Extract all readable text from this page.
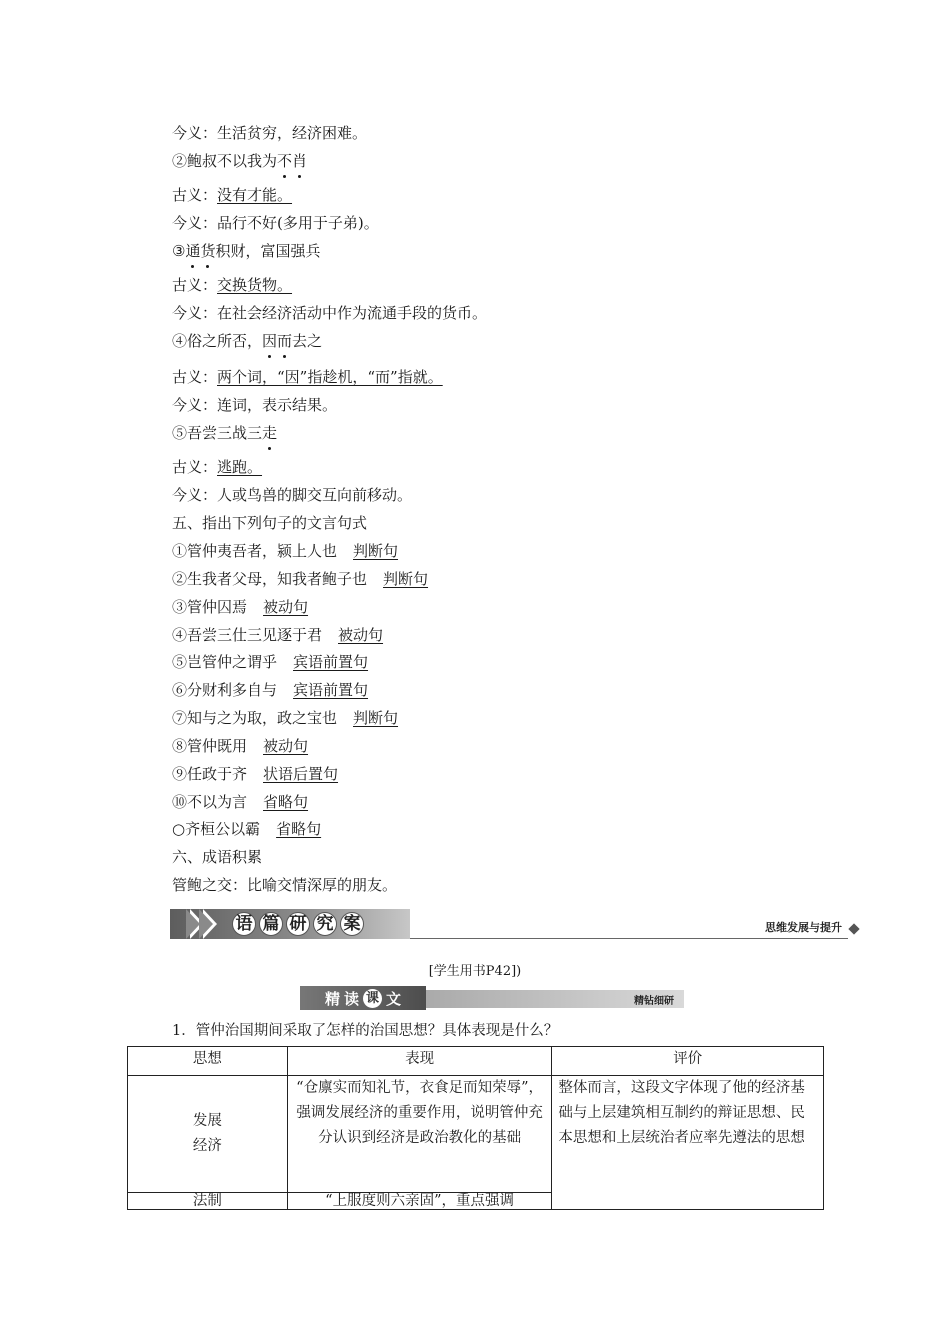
今义：生活贫穷，经济困难。
②鲍叔不以我为不肖
古义：没有才能。
今义：品行不好(多用于子弟)。
③通货积财，富国强兵
古义：交换货物。
今义：在社会经济活动中作为流通手段的货币。
④俗之所否，因而去之
古义：两个词，“因”指趁机，“而”指就。
今义：连词，表示结果。
⑤吾尝三战三走
古义：逃跑。
今义：人或鸟兽的脚交互向前移动。
五、指出下列句子的文言句式
①管仲夷吾者，颍上人也 判断句
②生我者父母，知我者鲍子也 判断句
③管仲囚焉 被动句
④吾尝三仕三见逐于君 被动句
⑤岂管仲之谓乎 宾语前置句
⑥分财利多自与 宾语前置句
⑦知与之为取，政之宝也 判断句
⑧管仲既用 被动句
⑨任政于齐 状语后置句
⑩不以为言 省略句
○齐桓公以霸 省略句
六、成语积累
管鲍之交：比喻交情深厚的朋友。
语 篇 研 究 案	思维发展与提升
[学生用书P42])
精 读 课 文	精钻细研
1．管仲治国期间采取了怎样的治国思想？具体表现是什么？
思想	表现	评价

发展
经济	“仓廪实而知礼节，衣食足而知荣辱”，强调发展经济的重要作用，说明管仲充分认识到经济是政治教化的基础	整体而言，这段文字体现了他的经济基础与上层建筑相互制约的辩证思想、民本思想和上层统治者应率先遵法的思想
法制	“上服度则六亲固”，重点强调	
